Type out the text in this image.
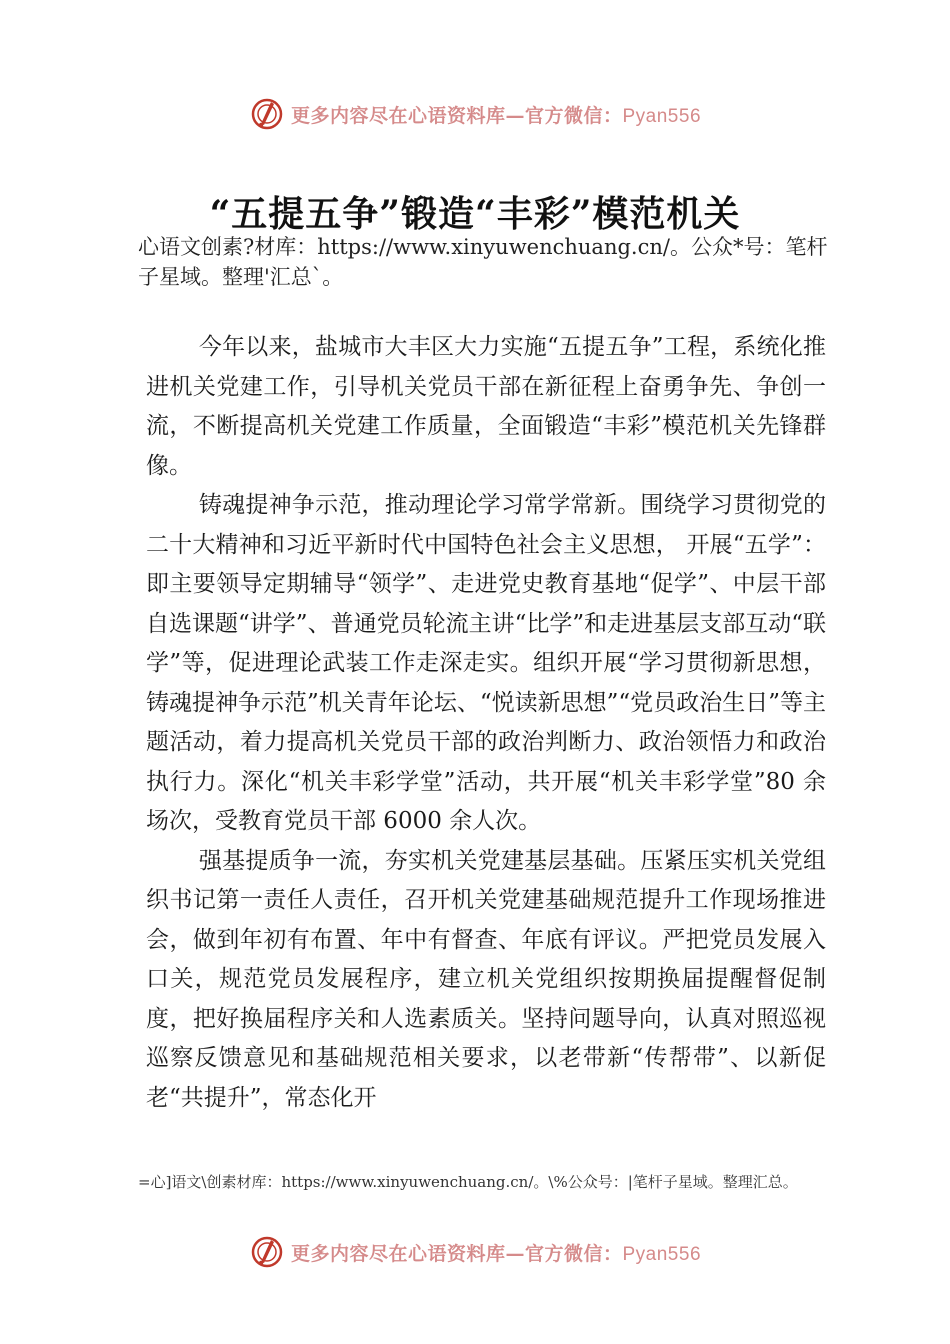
更多内容尽在心语资料库—官方微信：Pyan556
“五提五争”锻造“丰彩”模范机关
心语文创素?材库：https://www.xinyuwenchuang.cn/。公众*号：笔杆子星域。整理'汇总`。

今年以来，盐城市大丰区大力实施“五提五争”工程，系统化推进机关党建工作，引导机关党员干部在新征程上奋勇争先、争创一流，不断提高机关党建工作质量，全面锻造“丰彩”模范机关先锋群像。

铸魂提神争示范，推动理论学习常学常新。围绕学习贯彻党的二十大精神和习近平新时代中国特色社会主义思想， 开展“五学”：即主要领导定期辅导“领学”、走进党史教育基地“促学”、中层干部自选课题“讲学”、普通党员轮流主讲“比学”和走进基层支部互动“联学”等，促进理论武装工作走深走实。组织开展“学习贯彻新思想，铸魂提神争示范”机关青年论坛、“悦读新思想”“党员政治生日”等主题活动，着力提高机关党员干部的政治判断力、政治领悟力和政治执行力。深化“机关丰彩学堂”活动，共开展“机关丰彩学堂”80 余场次，受教育党员干部 6000 余人次。

强基提质争一流，夯实机关党建基层基础。压紧压实机关党组织书记第一责任人责任，召开机关党建基础规范提升工作现场推进会，做到年初有布置、年中有督查、年底有评议。严把党员发展入口关，规范党员发展程序，建立机关党组织按期换届提醒督促制度，把好换届程序关和人选素质关。坚持问题导向，认真对照巡视巡察反馈意见和基础规范相关要求，以老带新“传帮带”、以新促老“共提升”，常态化开

=心]语文\创素材库：https://www.xinyuwenchuang.cn/。\%公众号：|笔杆子星域。整理汇总。
更多内容尽在心语资料库—官方微信：Pyan556
